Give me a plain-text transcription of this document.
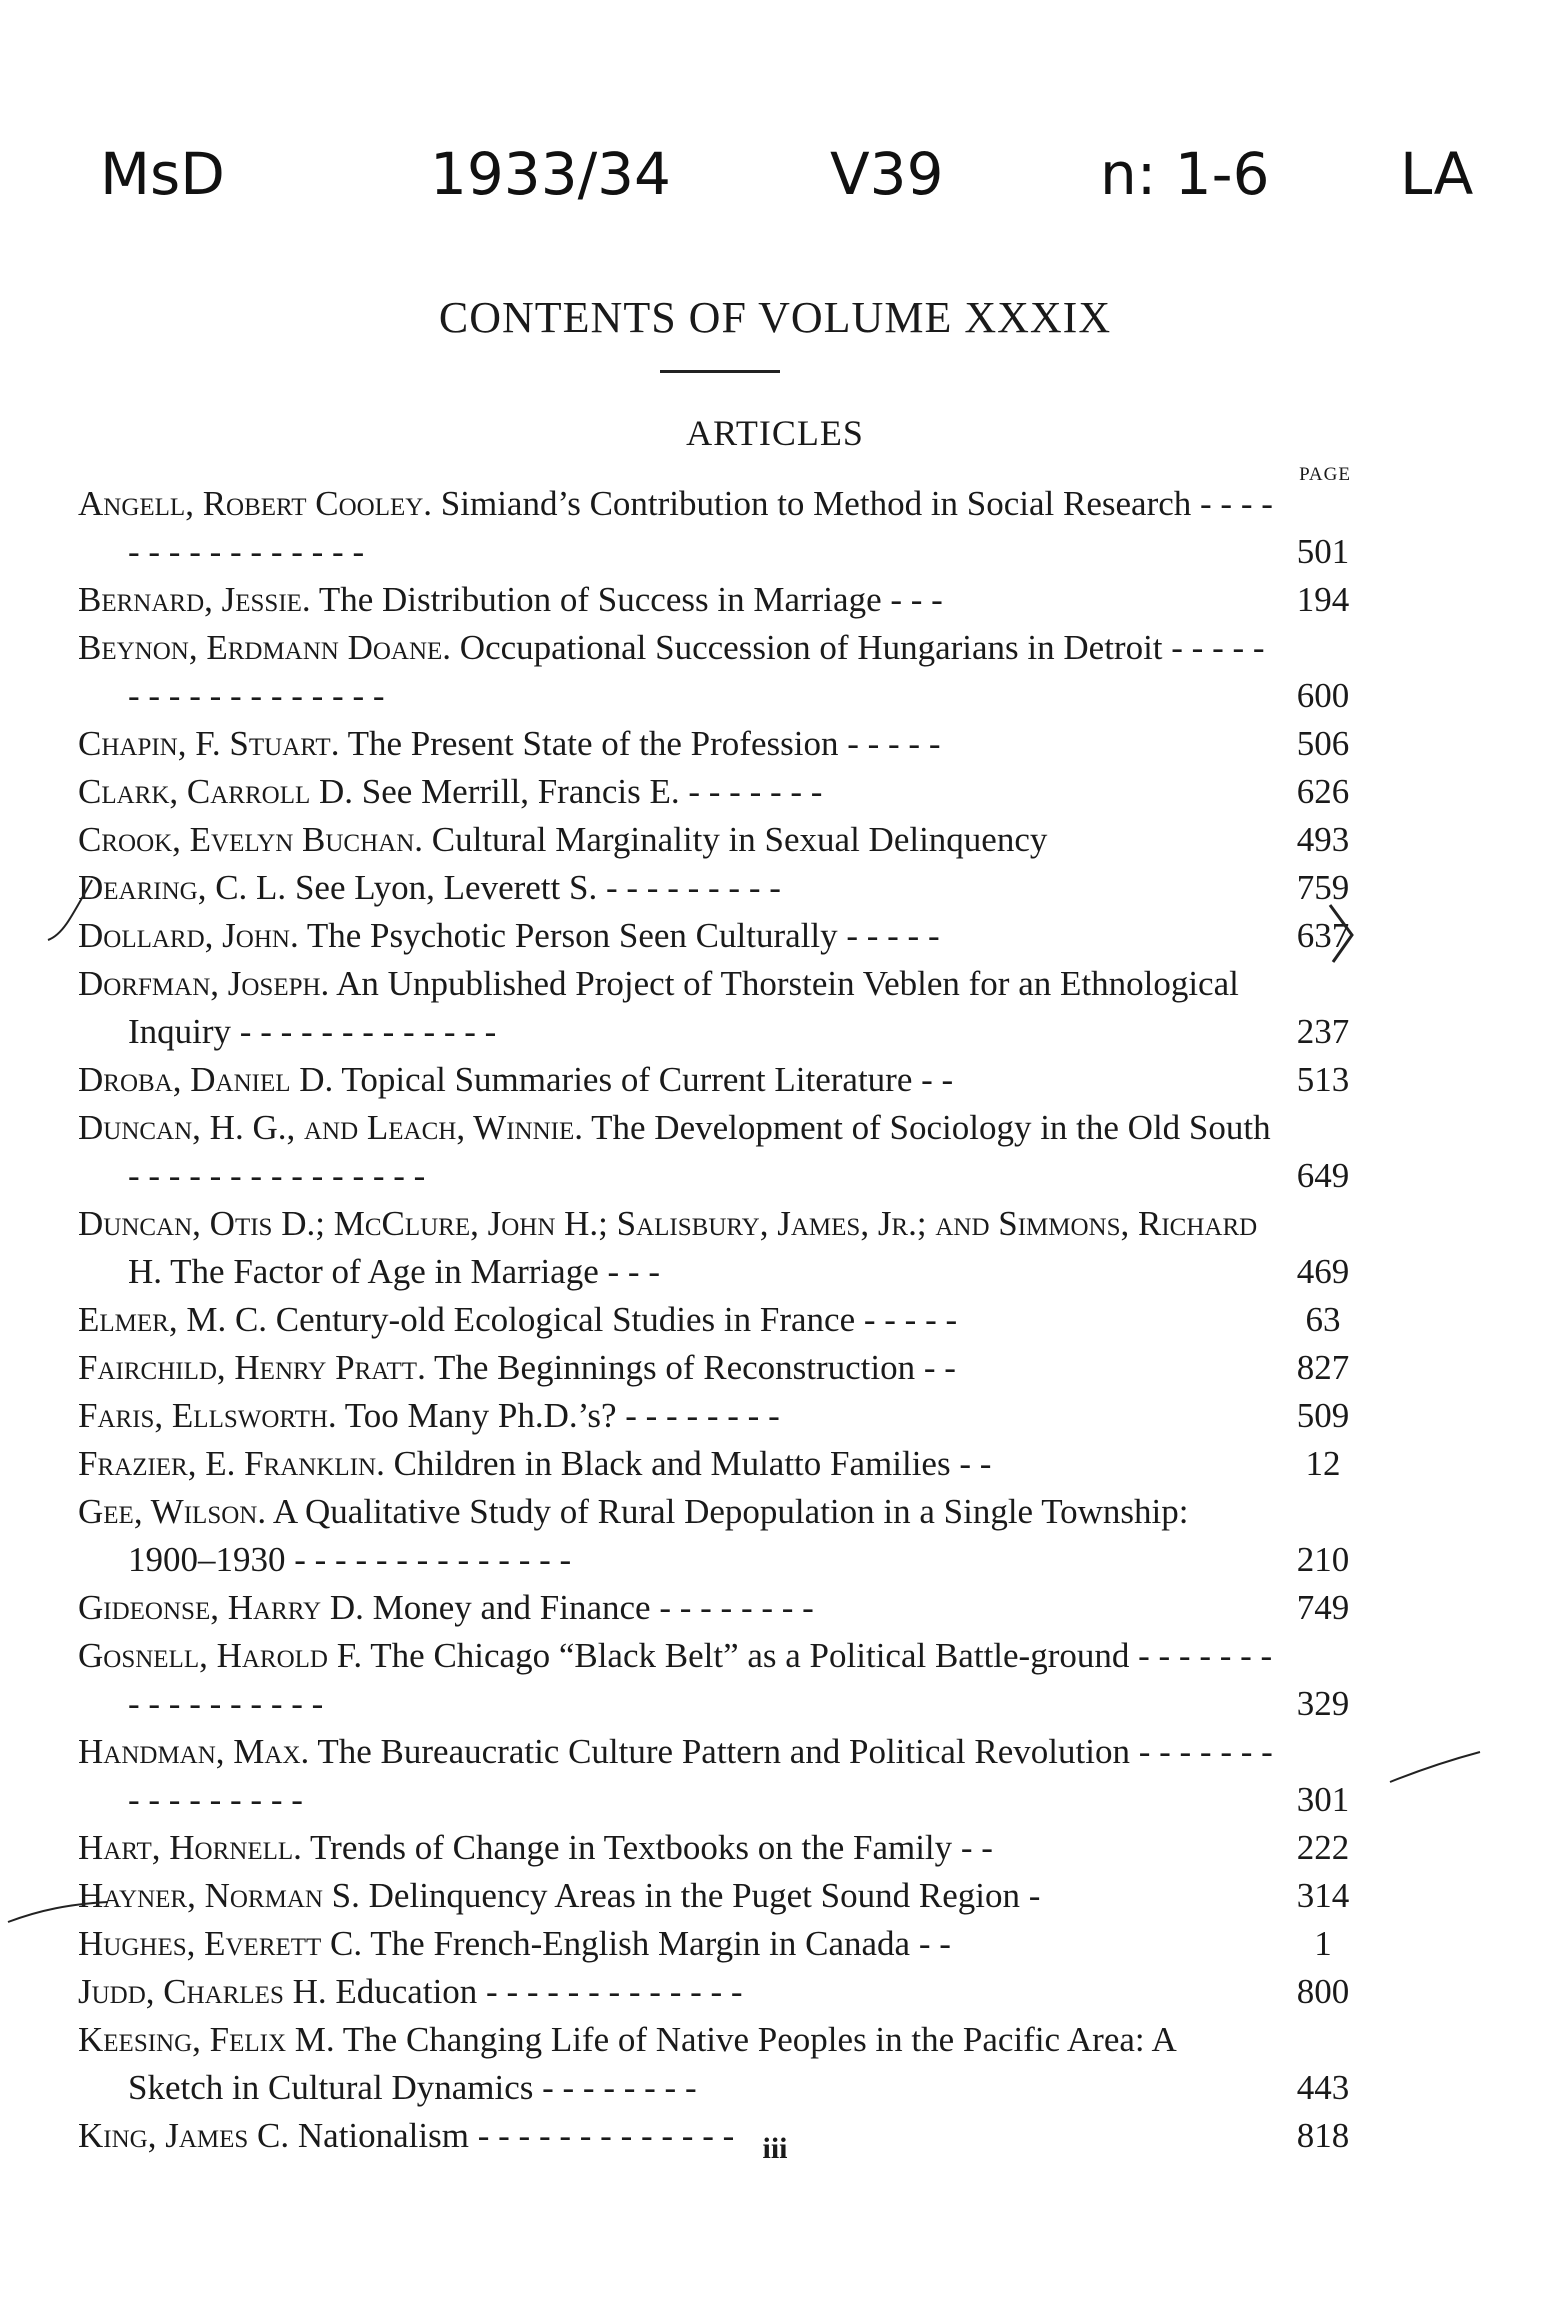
MsD	1933/34	V39	n: 1-6 LA
CONTENTS OF VOLUME XXXIX
ARTICLES
PAGE
Angell, Robert Cooley. Simiand’s Contribution to Method in Social Research - - - - - - - - - - - - - - - -	501
Bernard, Jessie. The Distribution of Success in Marriage - - -	194
Beynon, Erdmann Doane. Occupational Succession of Hungarians in Detroit - - - - - - - - - - - - - - - - - -	600
Chapin, F. Stuart. The Present State of the Profession - - - - -	506
Clark, Carroll D. See Merrill, Francis E. - - - - - - -	626
Crook, Evelyn Buchan. Cultural Marginality in Sexual Delinquency	493
Dearing, C. L. See Lyon, Leverett S. - - - - - - - - -	759
Dollard, John. The Psychotic Person Seen Culturally - - - - -	637
Dorfman, Joseph. An Unpublished Project of Thorstein Veblen for an Ethnological Inquiry - - - - - - - - - - - - -	237
Droba, Daniel D. Topical Summaries of Current Literature - -	513
Duncan, H. G., and Leach, Winnie. The Development of Sociology in the Old South - - - - - - - - - - - - - - -	649
Duncan, Otis D.; McClure, John H.; Salisbury, James, Jr.; and Simmons, Richard H. The Factor of Age in Marriage - - -	469
Elmer, M. C. Century-old Ecological Studies in France - - - - -	63
Fairchild, Henry Pratt. The Beginnings of Reconstruction - -	827
Faris, Ellsworth. Too Many Ph.D.’s? - - - - - - - -	509
Frazier, E. Franklin. Children in Black and Mulatto Families - -	12
Gee, Wilson. A Qualitative Study of Rural Depopulation in a Single Township: 1900–1930 - - - - - - - - - - - - - -	210
Gideonse, Harry D. Money and Finance - - - - - - - -	749
Gosnell, Harold F. The Chicago “Black Belt” as a Political Battle-ground - - - - - - - - - - - - - - - - -	329
Handman, Max. The Bureaucratic Culture Pattern and Political Revolution - - - - - - - - - - - - - - - -	301
Hart, Hornell. Trends of Change in Textbooks on the Family - -	222
Hayner, Norman S. Delinquency Areas in the Puget Sound Region -	314
Hughes, Everett C. The French-English Margin in Canada - -	1
Judd, Charles H. Education - - - - - - - - - - - - -	800
Keesing, Felix M. The Changing Life of Native Peoples in the Pacific Area: A Sketch in Cultural Dynamics - - - - - - - -	443
King, James C. Nationalism - - - - - - - - - - - - -	818
iii
